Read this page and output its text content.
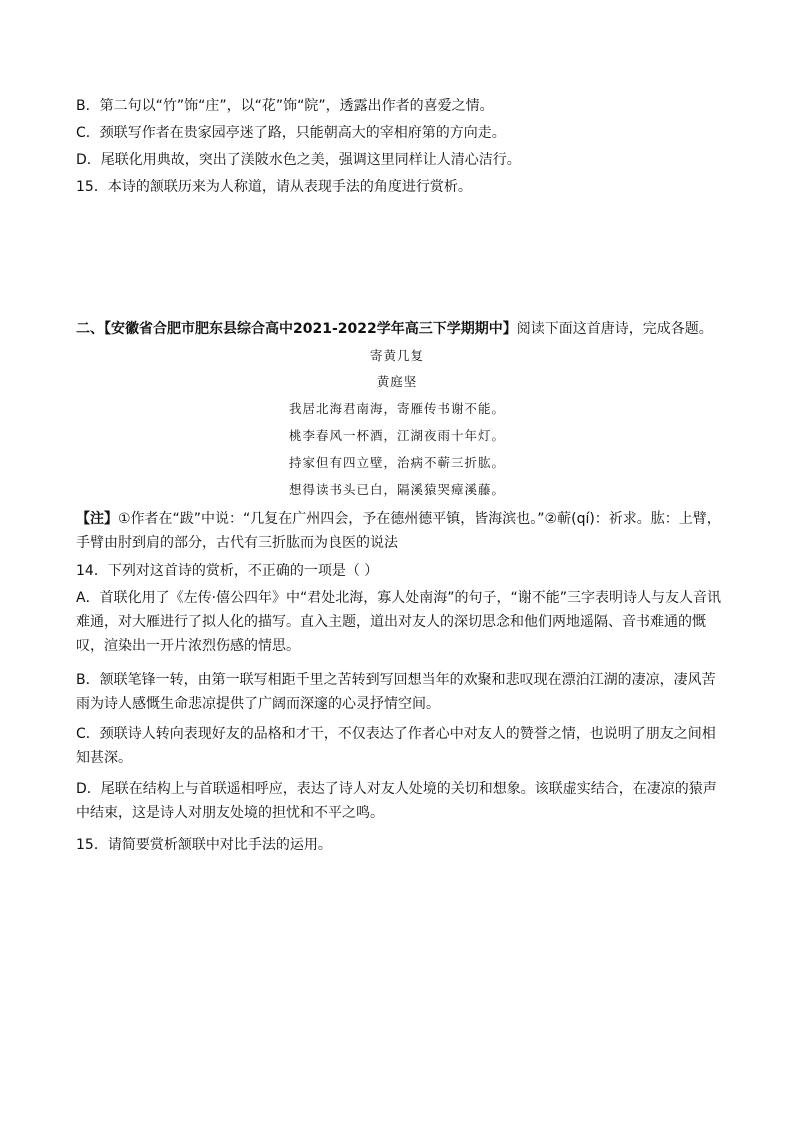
B．第二句以“竹”饰“庄”，以“花”饰“院”，透露出作者的喜爱之情。
C．颈联写作者在贵家园亭迷了路，只能朝高大的宰相府第的方向走。
D．尾联化用典故，突出了渼陂水色之美，强调这里同样让人清心洁行。
15．本诗的颔联历来为人称道，请从表现手法的角度进行赏析。
二、【安徽省合肥市肥东县综合高中2021-2022学年高三下学期期中】阅读下面这首唐诗，完成各题。
寄黄几复
黄庭坚
我居北海君南海，寄雁传书谢不能。
桃李春风一杯酒，江湖夜雨十年灯。
持家但有四立壁，治病不蕲三折肱。
想得读书头已白，隔溪猿哭瘴溪藤。
【注】①作者在“跋”中说：“几复在广州四会，予在德州德平镇，皆海滨也。”②蕲(qí)：祈求。肱：上臂，手臂由肘到肩的部分，古代有三折肱而为良医的说法
14．下列对这首诗的赏析，不正确的一项是（ ）
A．首联化用了《左传·僖公四年》中“君处北海，寡人处南海”的句子，“谢不能”三字表明诗人与友人音讯难通，对大雁进行了拟人化的描写。直入主题，道出对友人的深切思念和他们两地遥隔、音书难通的慨叹，渲染出一开片浓烈伤感的情思。
B．颔联笔锋一转，由第一联写相距千里之苦转到写回想当年的欢聚和悲叹现在漂泊江湖的凄凉，凄风苦雨为诗人感慨生命悲凉提供了广阔而深邃的心灵抒情空间。
C．颈联诗人转向表现好友的品格和才干，不仅表达了作者心中对友人的赞誉之情，也说明了朋友之间相知甚深。
D．尾联在结构上与首联遥相呼应，表达了诗人对友人处境的关切和想象。该联虚实结合，在凄凉的猿声中结束，这是诗人对朋友处境的担忧和不平之鸣。
15．请简要赏析颔联中对比手法的运用。
